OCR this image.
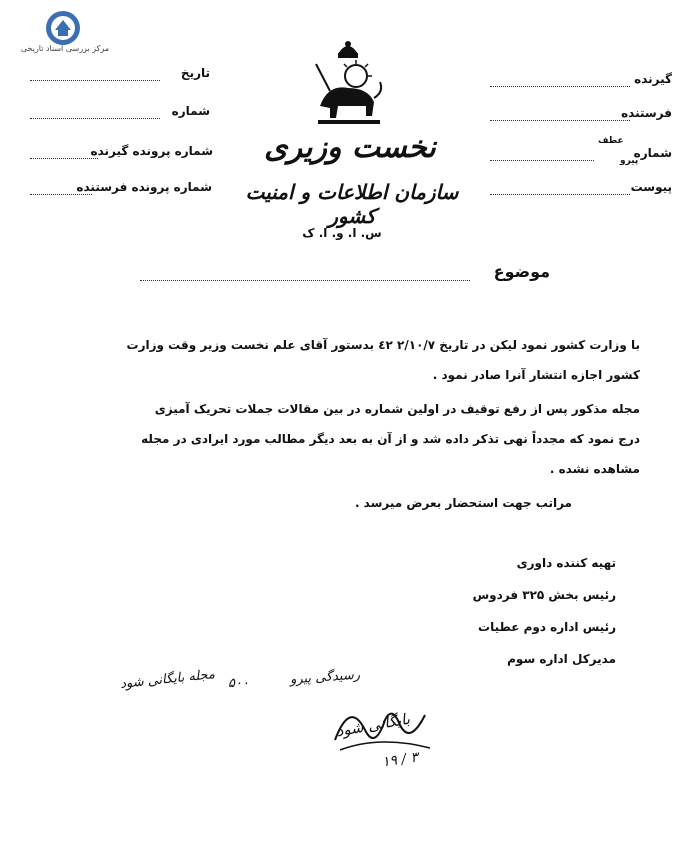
مرکز بررسی اسناد تاریخی
گیرنده
فرستنده
شماره
عطف
پیرو
پیوست
تاریخ
شماره
شماره پرونده گیرنده
شماره پرونده فرستنده
نخست وزیری
سازمان اطلاعات و امنیت کشور
س. ا. و. ا. ک
موضوع
با وزارت کشور نمود لیکن در تاریخ ۲/۱۰/۷ ٤٢ بدستور آقای علم نخست وزیر وقت وزارت
کشور اجازه انتشار آنرا صادر نمود .
مجله مذکور پس از رفع توقیف در اولین شماره در بین مقالات جملات تحریک آمیزی
درج نمود که مجدداً نهی تذکر داده شد و از آن به بعد دیگر مطالب مورد ایرادی در مجله
مشاهده نشده .
مراتب جهت استحضار بعرض میرسد .
تهیه کننده داوری
رئیس بخش ۳۲۵ فردوس
رئیس اداره دوم عطیات
مدیرکل اداره سوم
مجله بایگانی شود ۵۰۰	رسیدگی پیرو
بایگانی شود
۱۹ / ۳
